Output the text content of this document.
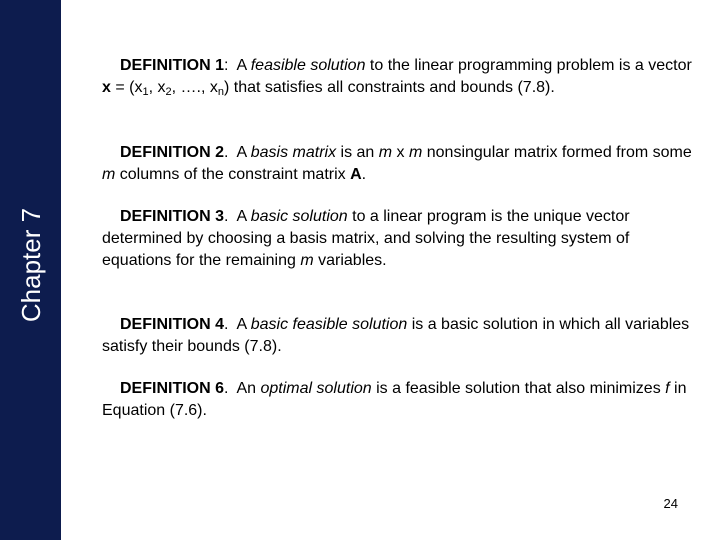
Chapter 7
DEFINITION 1:  A feasible solution to the linear programming problem is a vector $x = (x_1$, $x_2$, …., $x_n$) that satisfies all constraints and bounds (7.8).
DEFINITION 2.  A basis matrix is an m x m nonsingular matrix formed from some m columns of the constraint matrix A.
DEFINITION 3.  A basic solution to a linear program is the unique vector determined by choosing a basis matrix, and solving the resulting system of equations for the remaining m variables.
DEFINITION 4.  A basic feasible solution is a basic solution in which all variables satisfy their bounds (7.8).
DEFINITION 6.  An optimal solution is a feasible solution that also minimizes f in Equation (7.6).
24
